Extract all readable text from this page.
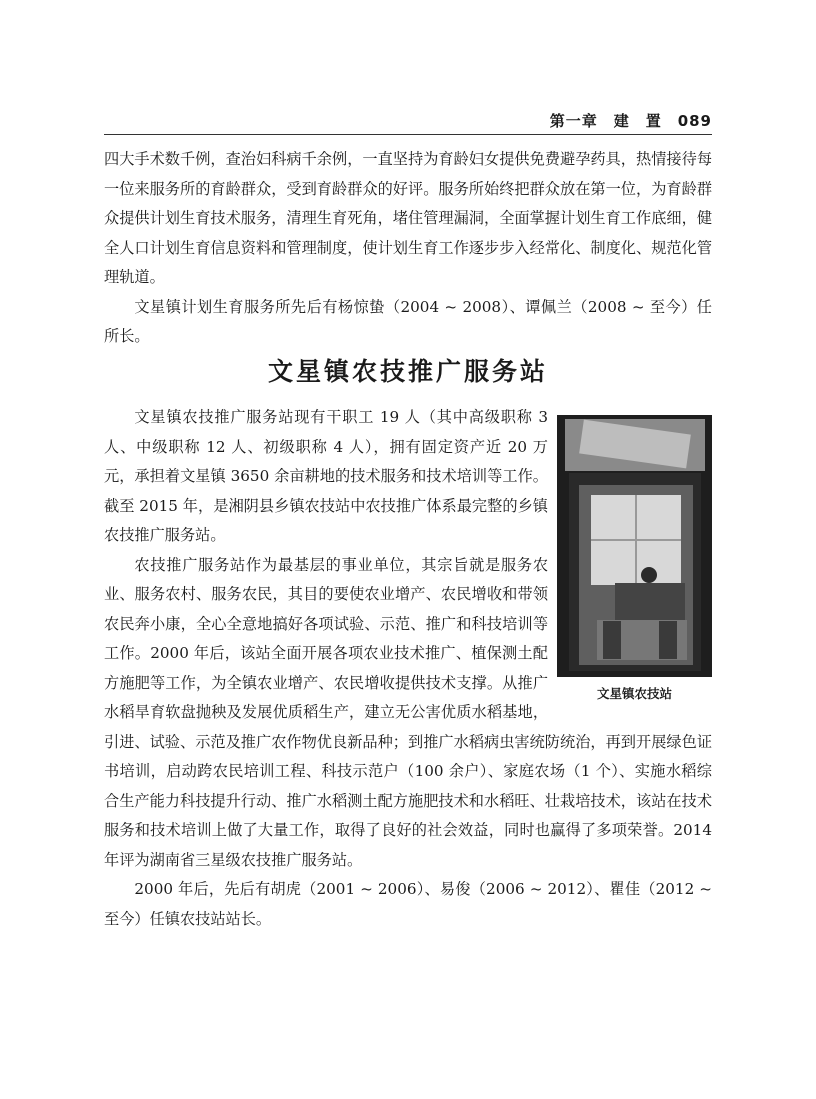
第一章　建　置　089

四大手术数千例，查治妇科病千余例，一直坚持为育龄妇女提供免费避孕药具，热情接待每一位来服务所的育龄群众，受到育龄群众的好评。服务所始终把群众放在第一位，为育龄群众提供计划生育技术服务，清理生育死角，堵住管理漏洞，全面掌握计划生育工作底细，健全人口计划生育信息资料和管理制度，使计划生育工作逐步步入经常化、制度化、规范化管理轨道。

文星镇计划生育服务所先后有杨惊蛰（2004 ~ 2008）、谭佩兰（2008 ~ 至今）任所长。

文星镇农技推广服务站

文星镇农技推广服务站现有干职工 19 人（其中高级职称 3 人、中级职称 12 人、初级职称 4 人），拥有固定资产近 20 万元，承担着文星镇 3650 余亩耕地的技术服务和技术培训等工作。截至 2015 年，是湘阴县乡镇农技站中农技推广体系最完整的乡镇农技推广服务站。

农技推广服务站作为最基层的事业单位，其宗旨就是服务农业、服务农村、服务农民，其目的要使农业增产、农民增收和带领农民奔小康，全心全意地搞好各项试验、示范、推广和科技培训等工作。2000 年后，该站全面开展各项农业技术推广、植保测土配方施肥等工作，为全镇农业增产、农民增收提供技术支撑。从推广水稻旱育软盘抛秧及发展优质稻生产，建立无公害优质水稻基地，引进、试验、示范及推广农作物优良新品种；到推广水稻病虫害统防统治，再到开展绿色证书培训，启动跨农民培训工程、科技示范户（100 余户）、家庭农场（1 个）、实施水稻综合生产能力科技提升行动、推广水稻测土配方施肥技术和水稻旺、壮栽培技术，该站在技术服务和技术培训上做了大量工作，取得了良好的社会效益，同时也赢得了多项荣誉。2014 年评为湖南省三星级农技推广服务站。

2000 年后，先后有胡虎（2001 ~ 2006）、易俊（2006 ~ 2012）、瞿佳（2012 ~ 至今）任镇农技站站长。

文星镇农技站
